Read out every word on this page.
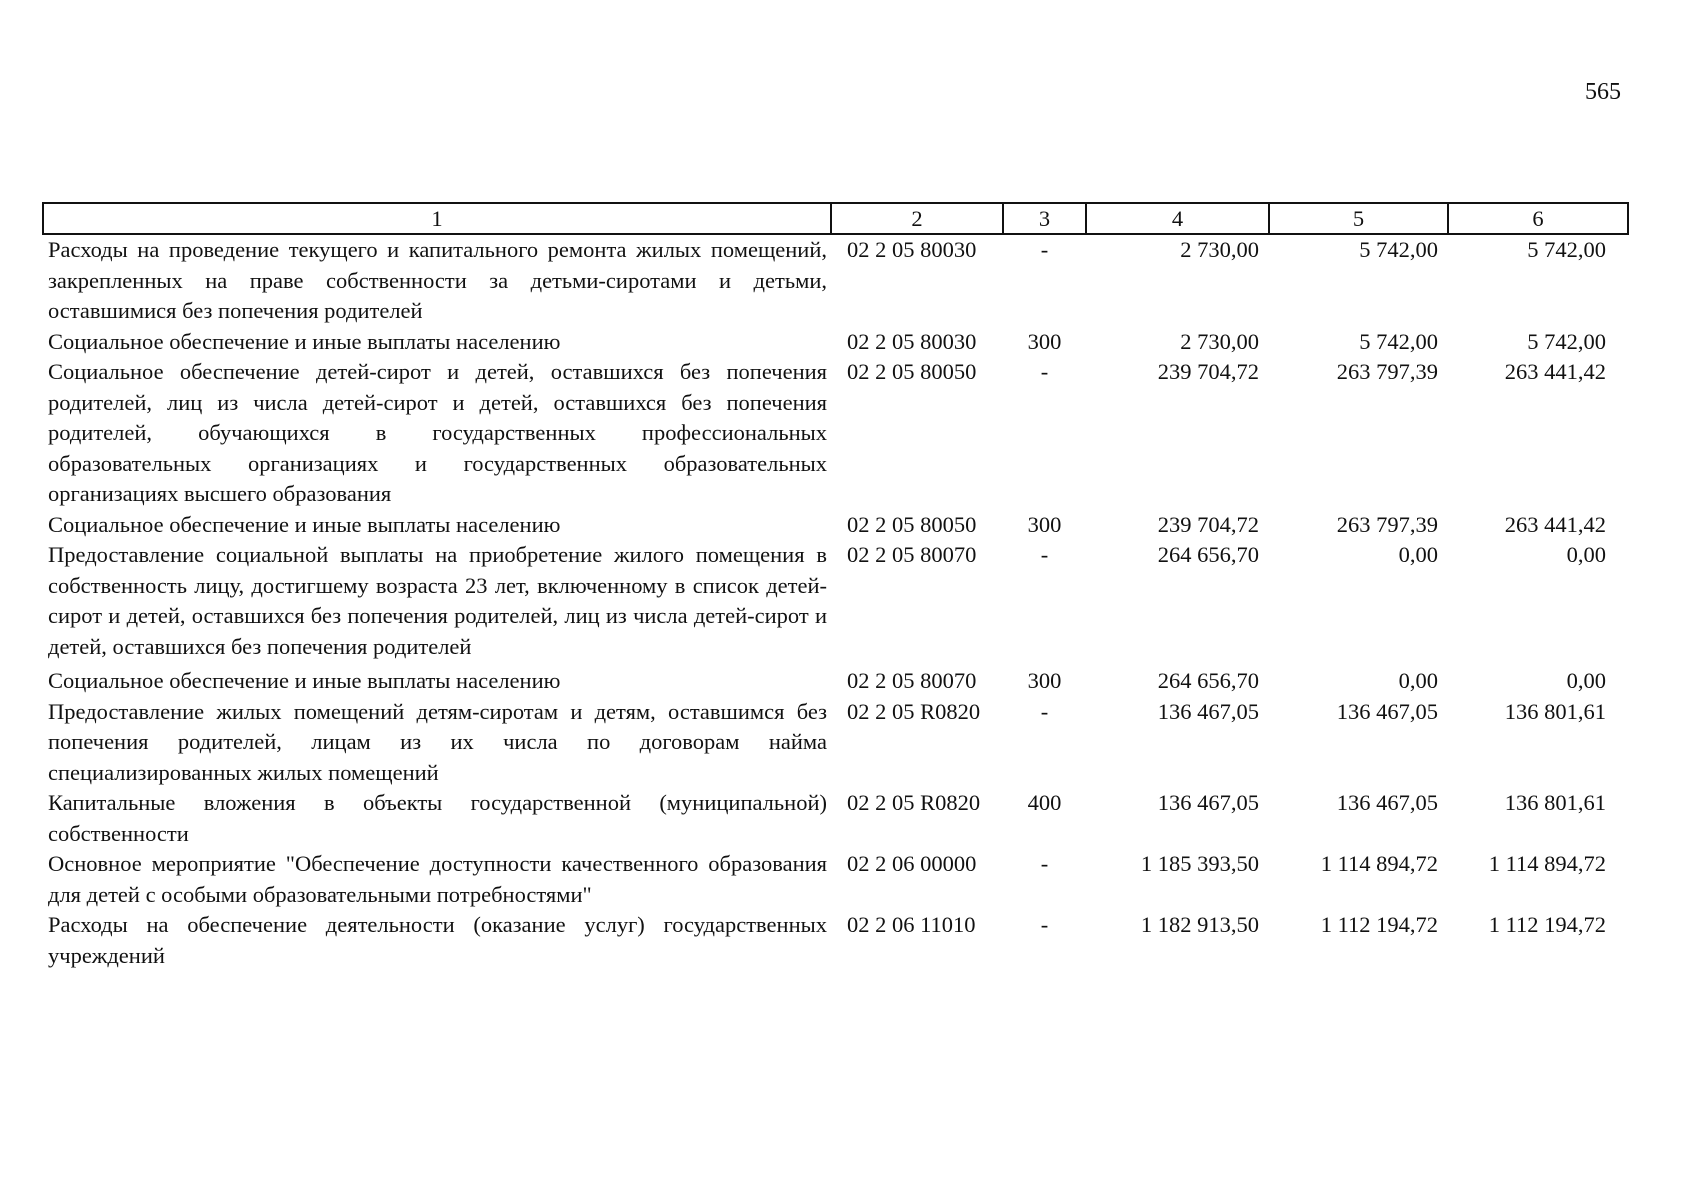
565
1	2	3	4	5	6
Расходы на проведение текущего и капитального ремонта жилых помещений, закрепленных на праве собственности за детьми-сиротами и детьми, оставшимися без попечения родителей	02 2 05 80030	-	2 730,00	5 742,00	5 742,00
Социальное обеспечение и иные выплаты населению	02 2 05 80030	300	2 730,00	5 742,00	5 742,00
Социальное обеспечение детей-сирот и детей, оставшихся без попечения родителей, лиц из числа детей-сирот и детей, оставшихся без попечения родителей, обучающихся в государственных профессиональных образовательных организациях и государственных образовательных организациях высшего образования	02 2 05 80050	-	239 704,72	263 797,39	263 441,42
Социальное обеспечение и иные выплаты населению	02 2 05 80050	300	239 704,72	263 797,39	263 441,42
Предоставление социальной выплаты на приобретение жилого помещения в собственность лицу, достигшему возраста 23 лет, включенному в список детей-сирот и детей, оставшихся без попечения родителей, лиц из числа детей-сирот и детей, оставшихся без попечения родителей	02 2 05 80070	-	264 656,70	0,00	0,00
Социальное обеспечение и иные выплаты населению	02 2 05 80070	300	264 656,70	0,00	0,00
Предоставление жилых помещений детям-сиротам и детям, оставшимся без попечения родителей, лицам из их числа по договорам найма специализированных жилых помещений	02 2 05 R0820	-	136 467,05	136 467,05	136 801,61
Капитальные вложения в объекты государственной (муниципальной) собственности	02 2 05 R0820	400	136 467,05	136 467,05	136 801,61
Основное мероприятие "Обеспечение доступности качественного образования для детей с особыми образовательными потребностями"	02 2 06 00000	-	1 185 393,50	1 114 894,72	1 114 894,72
Расходы на обеспечение деятельности (оказание услуг) государственных учреждений	02 2 06 11010	-	1 182 913,50	1 112 194,72	1 112 194,72
